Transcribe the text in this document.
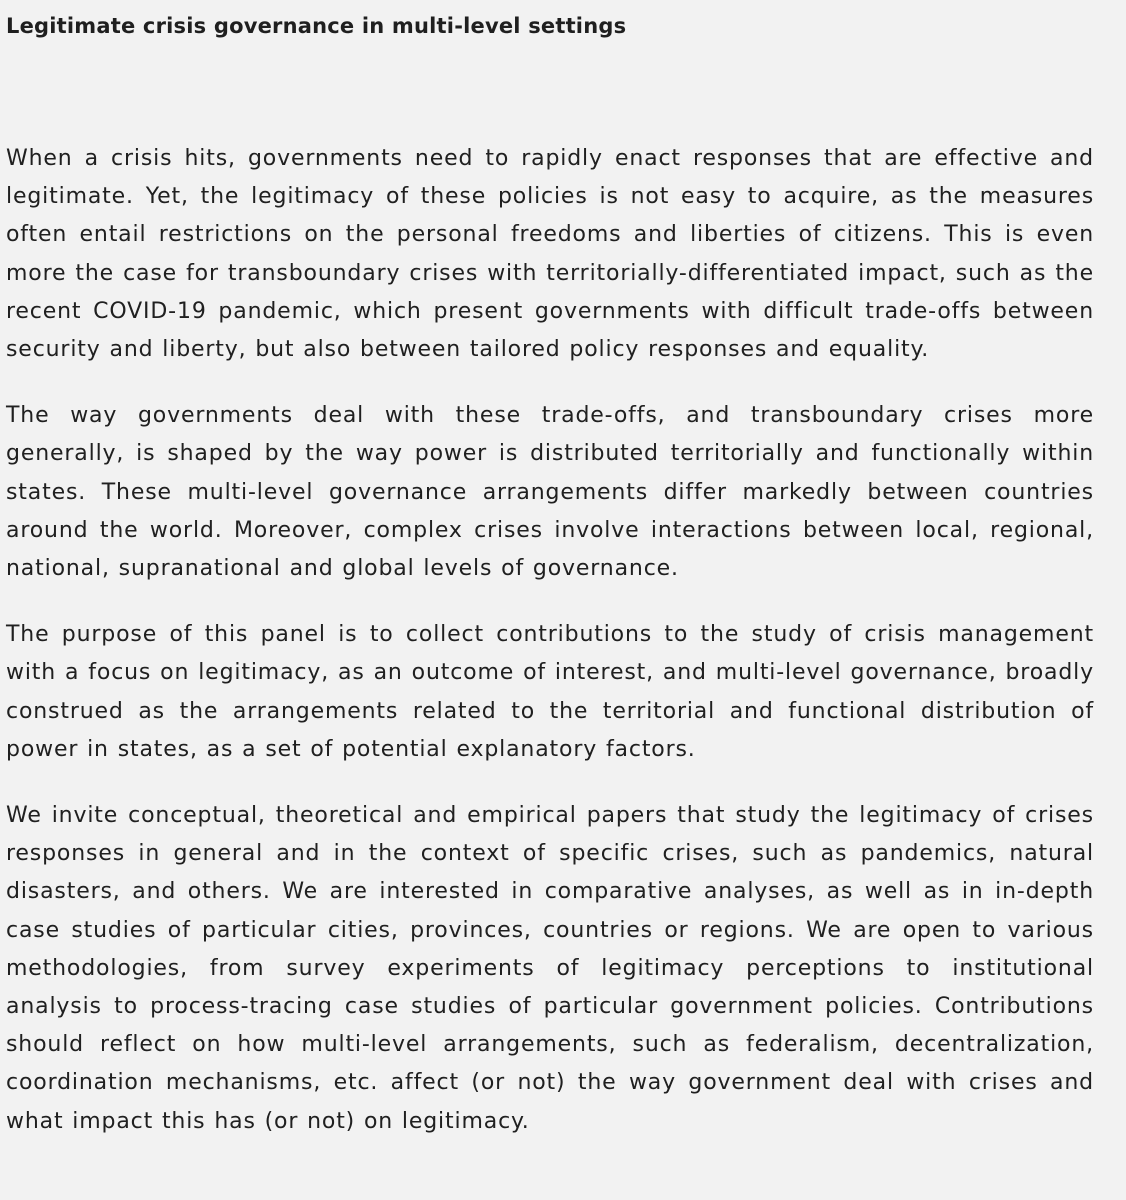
Legitimate crisis governance in multi-level settings

When a crisis hits, governments need to rapidly enact responses that are effective and legitimate. Yet, the legitimacy of these policies is not easy to acquire, as the measures often entail restrictions on the personal freedoms and liberties of citizens. This is even more the case for transboundary crises with territorially-differentiated impact, such as the recent COVID-19 pandemic, which present governments with difficult trade-offs between security and liberty, but also between tailored policy responses and equality.

The way governments deal with these trade-offs, and transboundary crises more generally, is shaped by the way power is distributed territorially and functionally within states. These multi-level governance arrangements differ markedly between countries around the world. Moreover, complex crises involve interactions between local, regional, national, supranational and global levels of governance.

The purpose of this panel is to collect contributions to the study of crisis management with a focus on legitimacy, as an outcome of interest, and multi-level governance, broadly construed as the arrangements related to the territorial and functional distribution of power in states, as a set of potential explanatory factors.

We invite conceptual, theoretical and empirical papers that study the legitimacy of crises responses in general and in the context of specific crises, such as pandemics, natural disasters, and others. We are interested in comparative analyses, as well as in in-depth case studies of particular cities, provinces, countries or regions. We are open to various methodologies, from survey experiments of legitimacy perceptions to institutional analysis to process-tracing case studies of particular government policies. Contributions should reflect on how multi-level arrangements, such as federalism, decentralization, coordination mechanisms, etc. affect (or not) the way government deal with crises and what impact this has (or not) on legitimacy.
